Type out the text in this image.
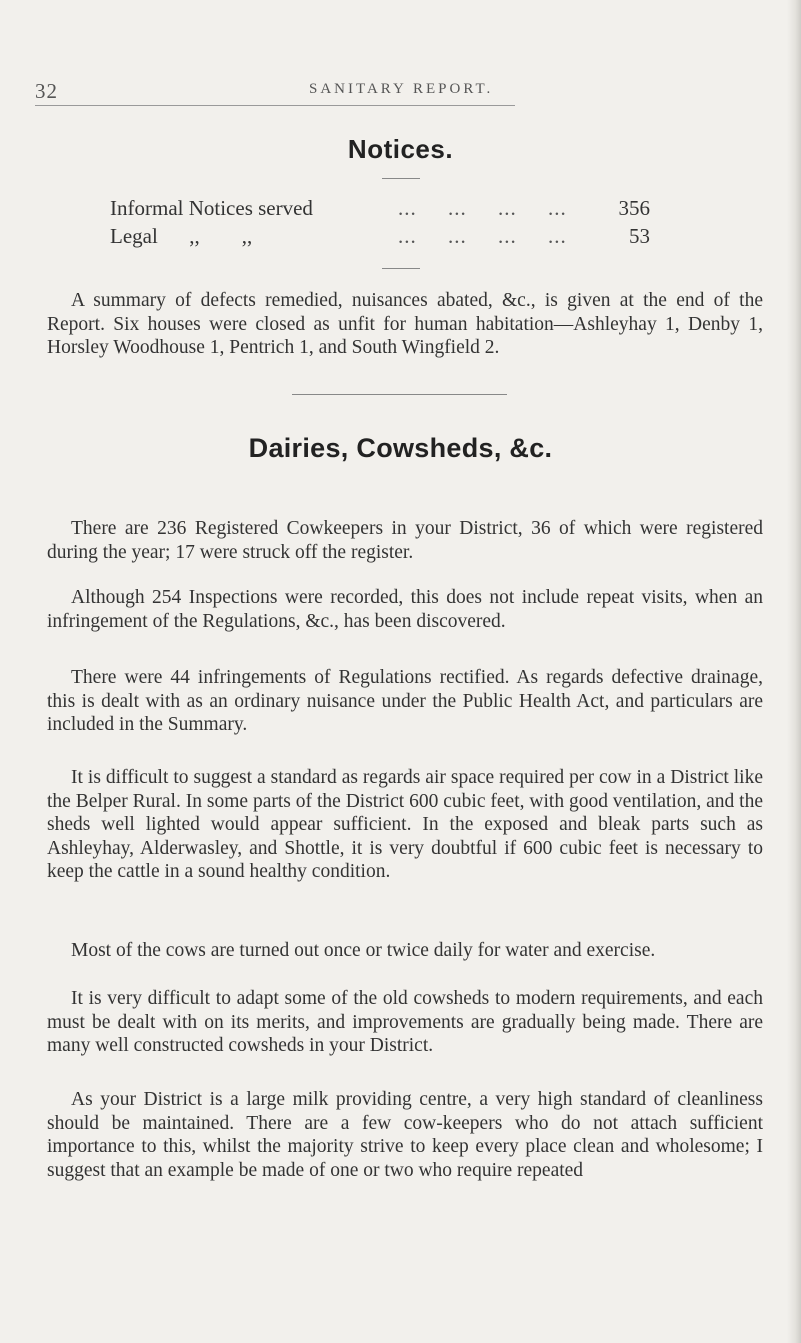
32	SANITARY REPORT.
Notices.
Informal Notices served	...     ...     ...     ... 356
Legal      ,,        ,,	...     ...     ...     ...	53

A summary of defects remedied, nuisances abated, &c., is given at the end of the Report. Six houses were closed as unfit for human habitation—Ashleyhay 1, Denby 1, Horsley Woodhouse 1, Pentrich 1, and South Wingfield 2.

Dairies, Cowsheds, &c.

There are 236 Registered Cowkeepers in your District, 36 of which were registered during the year; 17 were struck off the register.

Although 254 Inspections were recorded, this does not include repeat visits, when an infringement of the Regulations, &c., has been discovered.

There were 44 infringements of Regulations rectified. As regards defective drainage, this is dealt with as an ordinary nuisance under the Public Health Act, and particulars are included in the Summary.

It is difficult to suggest a standard as regards air space required per cow in a District like the Belper Rural. In some parts of the District 600 cubic feet, with good ventilation, and the sheds well lighted would appear sufficient. In the exposed and bleak parts such as Ashleyhay, Alderwasley, and Shottle, it is very doubtful if 600 cubic feet is necessary to keep the cattle in a sound healthy condition.

Most of the cows are turned out once or twice daily for water and exercise.

It is very difficult to adapt some of the old cowsheds to modern requirements, and each must be dealt with on its merits, and improvements are gradually being made. There are many well constructed cowsheds in your District.

As your District is a large milk providing centre, a very high standard of cleanliness should be maintained. There are a few cow-keepers who do not attach sufficient importance to this, whilst the majority strive to keep every place clean and wholesome; I suggest that an example be made of one or two who require repeated
